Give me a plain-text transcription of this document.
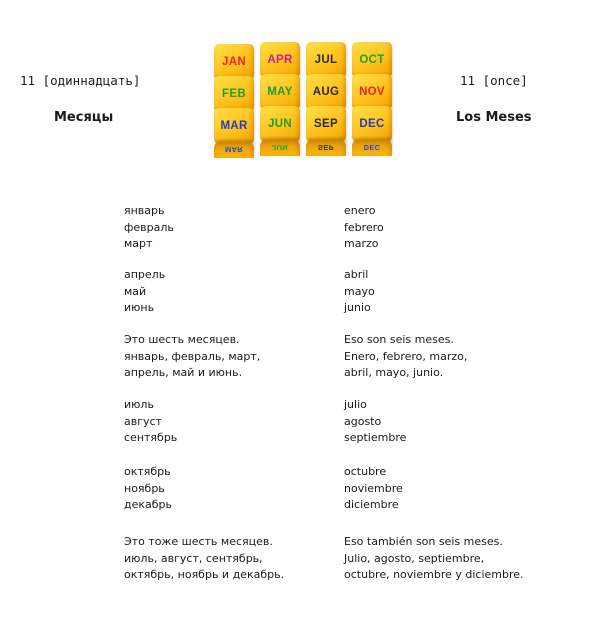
11 [одиннадцать]	11 [once]
Месяцы	Los Meses
JAN
FEB
MAR
MAR
APR
MAY
JUN
JUN
JUL
AUG
SEP
SEP
OCT
NOV
DEC
DEC
январь
февраль
март
enero
febrero
marzo
апрель
май
июнь
abril
mayo
junio
Это шесть месяцев.
январь, февраль, март,
апрель, май и июнь.
Eso son seis meses.
Enero, febrero, marzo,
abril, mayo, junio.
июль
август
сентябрь
julio
agosto
septiembre
октябрь
ноябрь
декабрь
octubre
noviembre
diciembre
Это тоже шесть месяцев.
июль, август, сентябрь,
октябрь, ноябрь и декабрь.
Eso también son seis meses.
Julio, agosto, septiembre,
octubre, noviembre y diciembre.
